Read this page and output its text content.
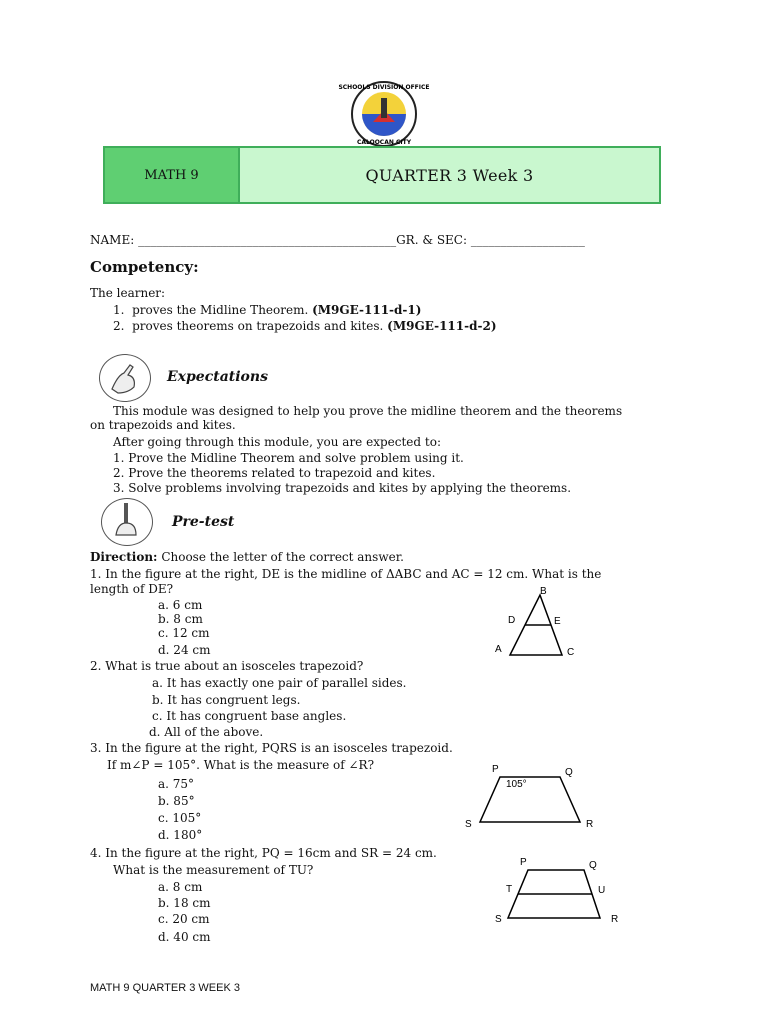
SCHOOLS DIVISION OFFICE
CALOOCAN CITY
MATH 9	QUARTER 3 Week 3
NAME: ___________________________________________GR. & SEC: ___________________
Competency:
The learner:
1. proves the Midline Theorem. (M9GE-111-d-1)
2. proves theorems on trapezoids and kites. (M9GE-111-d-2)
Expectations
This module was designed to help you prove the midline theorem and the theorems
on trapezoids and kites.
After going through this module, you are expected to:
1. Prove the Midline Theorem and solve problem using it.
2. Prove the theorems related to trapezoid and kites.
3. Solve problems involving trapezoids and kites by applying the theorems.
Pre-test
Direction: Choose the letter of the correct answer.
1. In the figure at the right, DE is the midline of ΔABC and AC = 12 cm. What is the
length of DE?
a. 6 cm
b. 8 cm
c. 12 cm
d. 24 cm
B
D	E
A	C
2. What is true about an isosceles trapezoid?
a. It has exactly one pair of parallel sides.
b. It has congruent legs.
c. It has congruent base angles.
d. All of the above.
3. In the figure at the right, PQRS is an isosceles trapezoid.
If m∠P = 105°. What is the measure of ∠R?
a. 75°
b. 85°
c. 105°
d. 180°
P	Q
S	R
105°
4. In the figure at the right, PQ = 16cm and SR = 24 cm.
What is the measurement of TU?
a. 8 cm
b. 18 cm
c. 20 cm
d. 40 cm
P	Q
T	U
S	R
MATH 9 QUARTER 3 WEEK 3
